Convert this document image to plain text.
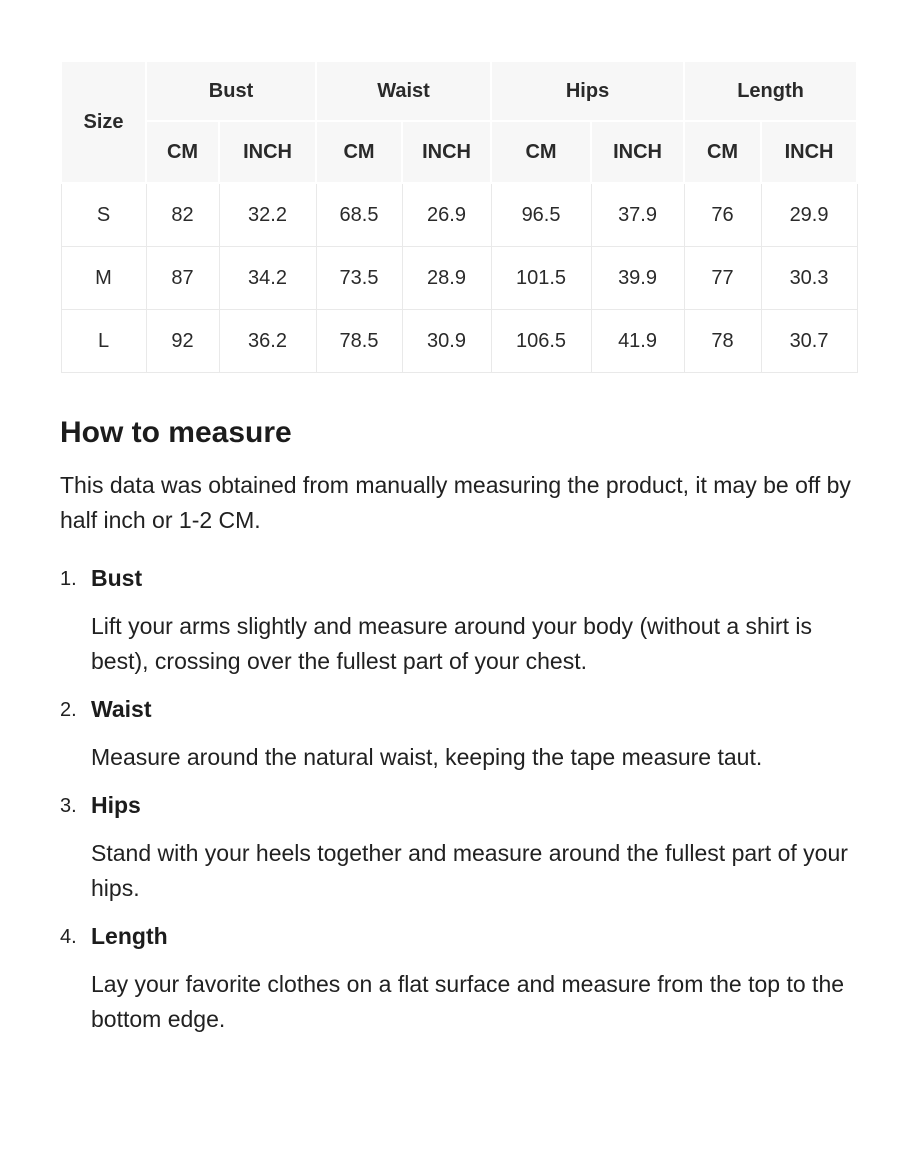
Size	Bust		Waist		Hips		Length	
	CM	INCH	CM	INCH	CM	INCH	CM	INCH
S	82	32.2	68.5	26.9	96.5	37.9	76	29.9
M	87	34.2	73.5	28.9	101.5	39.9	77	30.3
L	92	36.2	78.5	30.9	106.5	41.9	78	30.7
How to measure

This data was obtained from manually measuring the product, it may be off by half inch or 1-2 CM.

1. Bust
Lift your arms slightly and measure around your body (without a shirt is best), crossing over the fullest part of your chest.
2. Waist
Measure around the natural waist, keeping the tape measure taut.
3. Hips
Stand with your heels together and measure around the fullest part of your hips.
4. Length
Lay your favorite clothes on a flat surface and measure from the top to the bottom edge.
